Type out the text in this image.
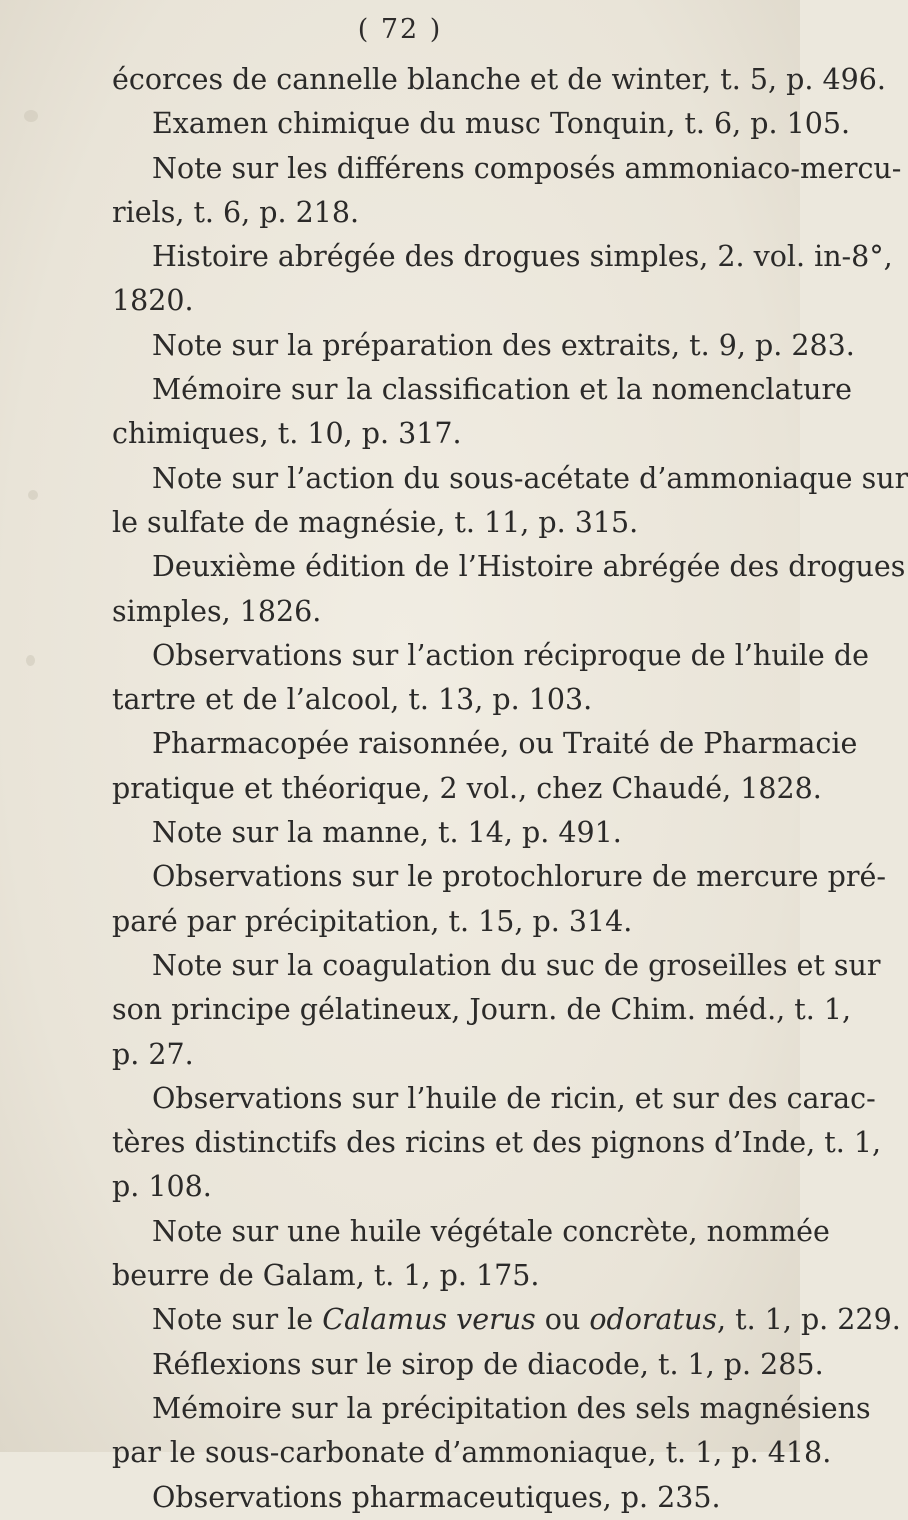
( 72 )
écorces de cannelle blanche et de winter, t. 5, p. 496.
Examen chimique du musc Tonquin, t. 6, p. 105.
Note sur les différens composés ammoniaco-mercu-
riels, t. 6, p. 218.
Histoire abrégée des drogues simples, 2. vol. in-8°,
1820.
Note sur la préparation des extraits, t. 9, p. 283.
Mémoire sur la classification et la nomenclature
chimiques, t. 10, p. 317.
Note sur l’action du sous-acétate d’ammoniaque sur
le sulfate de magnésie, t. 11, p. 315.
Deuxième édition de l’Histoire abrégée des drogues
simples, 1826.
Observations sur l’action réciproque de l’huile de
tartre et de l’alcool, t. 13, p. 103.
Pharmacopée raisonnée, ou Traité de Pharmacie
pratique et théorique, 2 vol., chez Chaudé, 1828.
Note sur la manne, t. 14, p. 491.
Observations sur le protochlorure de mercure pré-
paré par précipitation, t. 15, p. 314.
Note sur la coagulation du suc de groseilles et sur
son principe gélatineux, Journ. de Chim. méd., t. 1,
p. 27.
Observations sur l’huile de ricin, et sur des carac-
tères distinctifs des ricins et des pignons d’Inde, t. 1,
p. 108.
Note sur une huile végétale concrète, nommée
beurre de Galam, t. 1, p. 175.
Note sur le Calamus verus ou odoratus, t. 1, p. 229.
Réflexions sur le sirop de diacode, t. 1, p. 285.
Mémoire sur la précipitation des sels magnésiens
par le sous-carbonate d’ammoniaque, t. 1, p. 418.
Observations pharmaceutiques, p. 235.
